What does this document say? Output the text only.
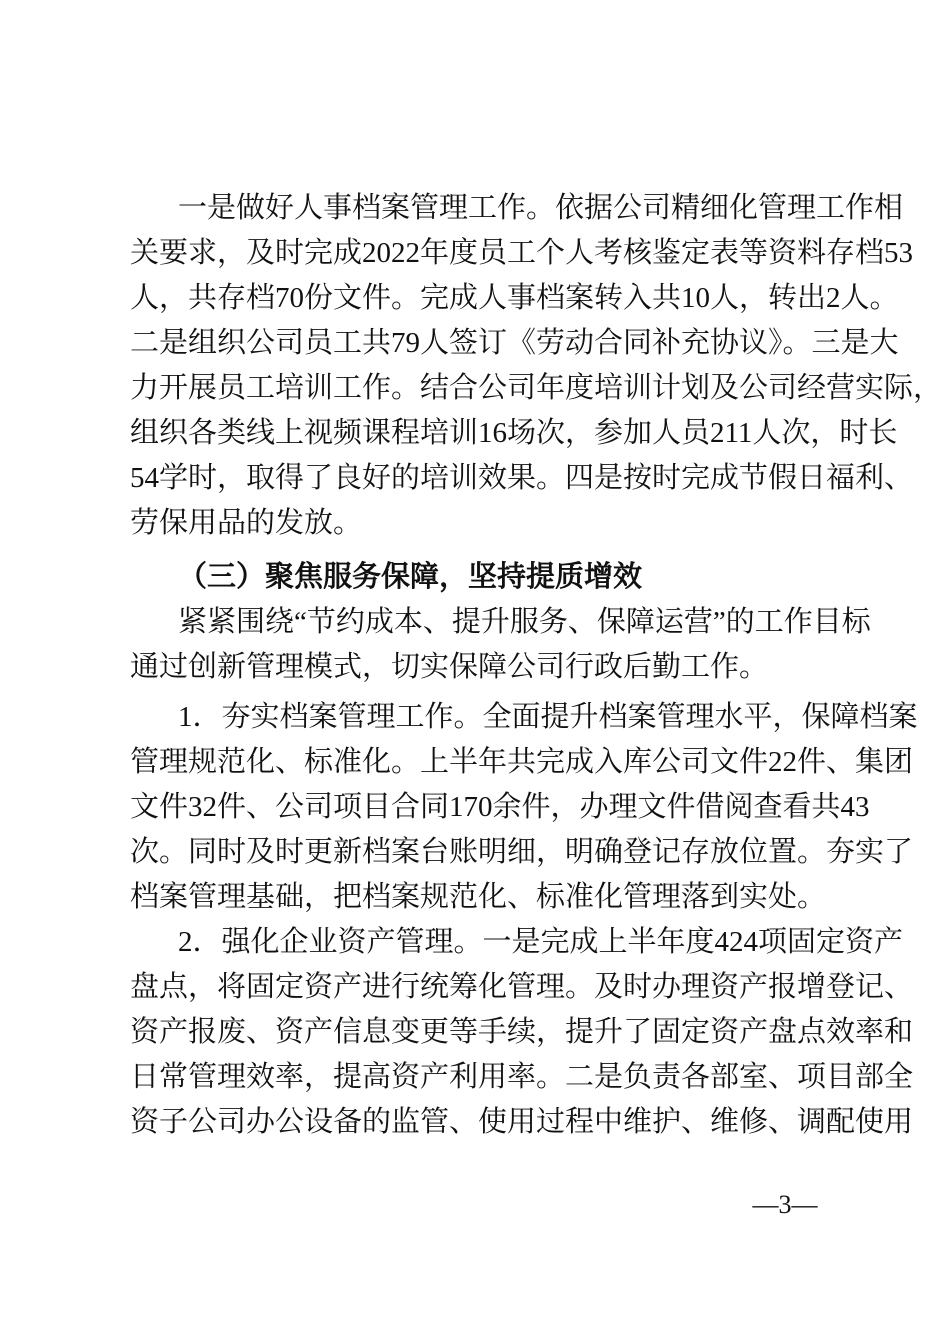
一是做好人事档案管理工作。依据公司精细化管理工作相
关要求，及时完成2022年度员工个人考核鉴定表等资料存档53
人，共存档70份文件。完成人事档案转入共10人，转出2人。
二是组织公司员工共79人签订《劳动合同补充协议》。三是大
力开展员工培训工作。结合公司年度培训计划及公司经营实际，
组织各类线上视频课程培训16场次，参加人员211人次，时长
54学时，取得了良好的培训效果。四是按时完成节假日福利、
劳保用品的发放。
（三）聚焦服务保障，坚持提质增效
紧紧围绕“节约成本、提升服务、保障运营”的工作目标
通过创新管理模式，切实保障公司行政后勤工作。
1．夯实档案管理工作。全面提升档案管理水平，保障档案
管理规范化、标准化。上半年共完成入库公司文件22件、集团
文件32件、公司项目合同170余件，办理文件借阅查看共43
次。同时及时更新档案台账明细，明确登记存放位置。夯实了
档案管理基础，把档案规范化、标准化管理落到实处。
2．强化企业资产管理。一是完成上半年度424项固定资产
盘点，将固定资产进行统筹化管理。及时办理资产报增登记、
资产报废、资产信息变更等手续，提升了固定资产盘点效率和
日常管理效率，提高资产利用率。二是负责各部室、项目部全
资子公司办公设备的监管、使用过程中维护、维修、调配使用
—3—
